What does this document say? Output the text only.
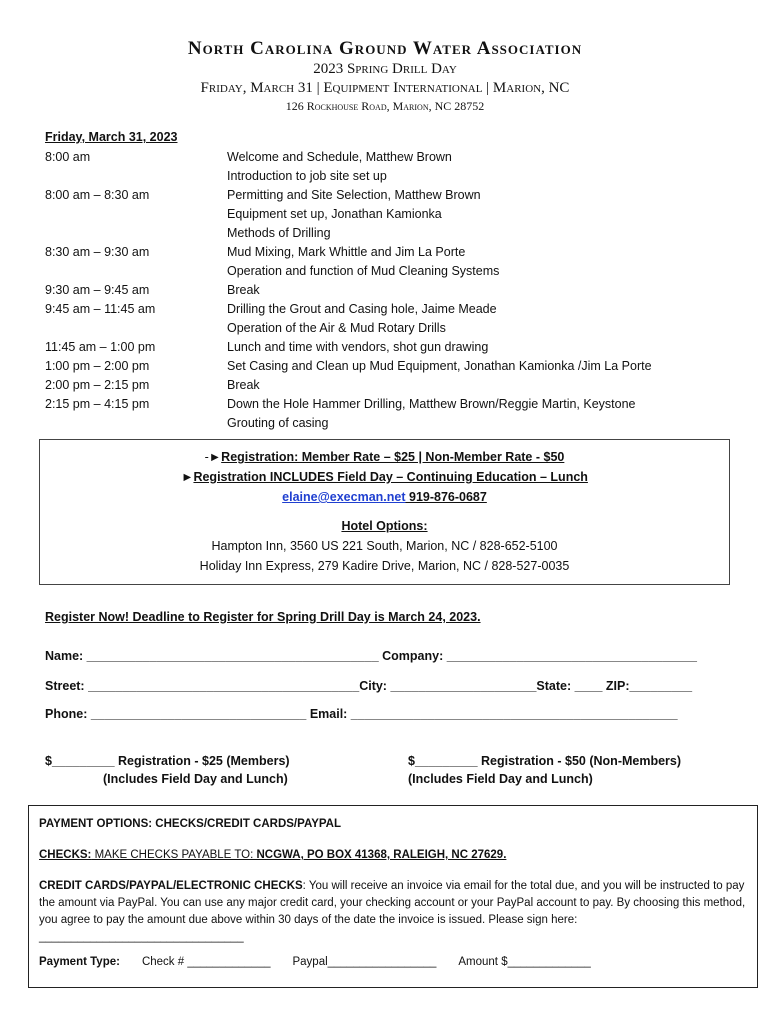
North Carolina Ground Water Association
2023 Spring Drill Day
Friday, March 31 | Equipment International | Marion, NC
126 Rockhouse Road, Marion, NC 28752
Friday, March 31, 2023
8:00 am	Welcome and Schedule, Matthew Brown
Introduction to job site set up
8:00 am – 8:30 am	Permitting and Site Selection, Matthew Brown
Equipment set up, Jonathan Kamionka
Methods of Drilling
8:30 am – 9:30 am	Mud Mixing, Mark Whittle and Jim La Porte
Operation and function of Mud Cleaning Systems
9:30 am – 9:45 am	Break
9:45 am – 11:45 am	Drilling the Grout and Casing hole, Jaime Meade
Operation of the Air & Mud Rotary Drills
11:45 am – 1:00 pm	Lunch and time with vendors, shot gun drawing
1:00 pm – 2:00 pm	Set Casing and Clean up Mud Equipment, Jonathan Kamionka /Jim La Porte
2:00 pm – 2:15 pm	Break
2:15 pm – 4:15 pm	Down the Hole Hammer Drilling, Matthew Brown/Reggie Martin, Keystone
Grouting of casing
-►Registration: Member Rate – $25 | Non-Member Rate - $50
►Registration INCLUDES Field Day – Continuing Education – Lunch
elaine@execman.net 919-876-0687
Hotel Options:
Hampton Inn, 3560 US 221 South, Marion, NC / 828-652-5100
Holiday Inn Express, 279 Kadire Drive, Marion, NC / 828-527-0035
Register Now! Deadline to Register for Spring Drill Day is March 24, 2023.
Name: __________________________________________ Company: ____________________________________
Street: _______________________________________City: _____________________State: ____ ZIP:_________
Phone: _______________________________ Email: _______________________________________________
$_________ Registration - $25 (Members)
(Includes Field Day and Lunch)
$_________ Registration - $50 (Non-Members)
(Includes Field Day and Lunch)

PAYMENT OPTIONS: CHECKS/CREDIT CARDS/PAYPAL

CHECKS: MAKE CHECKS PAYABLE TO: NCGWA, PO BOX 41368, RALEIGH, NC 27629.

CREDIT CARDS/PAYPAL/ELECTRONIC CHECKS: You will receive an invoice via email for the total due, and you will be instructed to pay the amount via PayPal. You can use any major credit card, your checking account or your PayPal account to pay. By choosing this method, you agree to pay the amount due above within 30 days of the date the invoice is issued. Please sign here: ________________________________

Payment Type: Check # _____________ Paypal_________________ Amount $_____________
